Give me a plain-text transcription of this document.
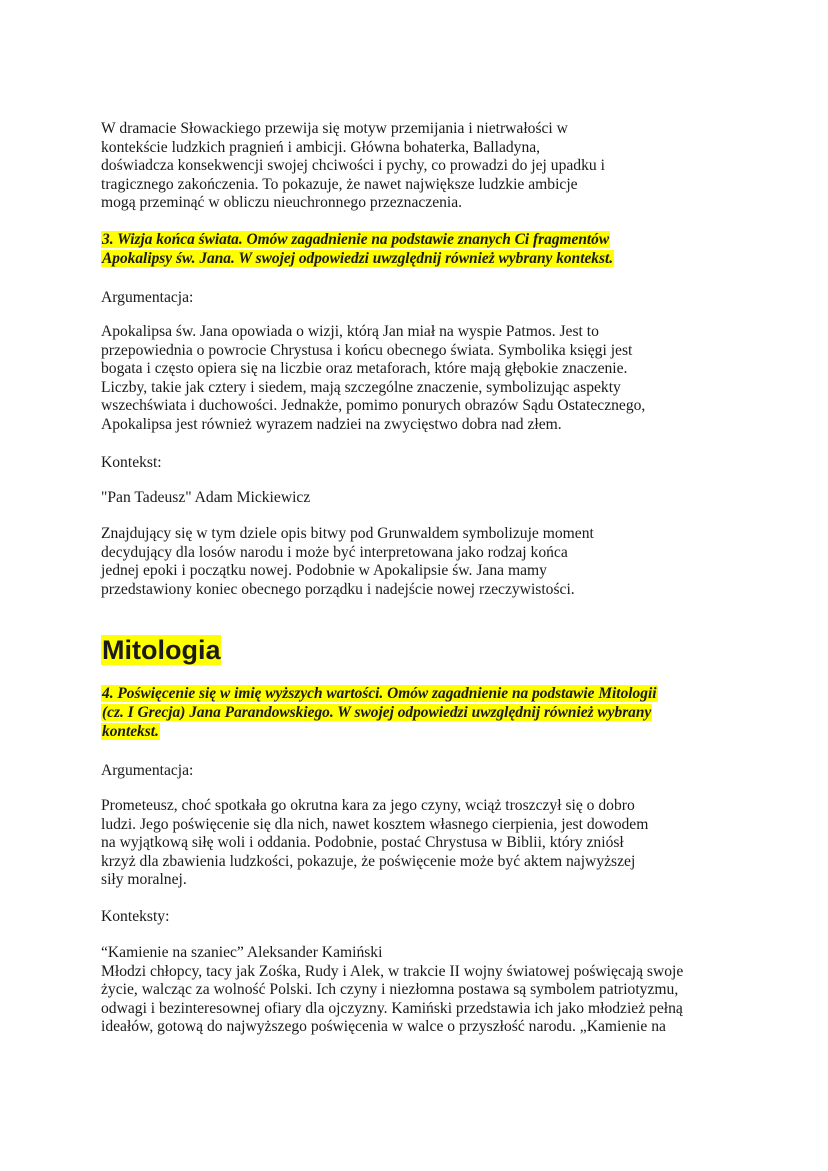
W dramacie Słowackiego przewija się motyw przemijania i nietrwałości w
kontekście ludzkich pragnień i ambicji. Główna bohaterka, Balladyna,
doświadcza konsekwencji swojej chciwości i pychy, co prowadzi do jej upadku i
tragicznego zakończenia. To pokazuje, że nawet największe ludzkie ambicje
mogą przeminąć w obliczu nieuchronnego przeznaczenia.
3. Wizja końca świata. Omów zagadnienie na podstawie znanych Ci fragmentów
Apokalipsy św. Jana. W swojej odpowiedzi uwzględnij również wybrany kontekst.

Argumentacja:

Apokalipsa św. Jana opowiada o wizji, którą Jan miał na wyspie Patmos. Jest to
przepowiednia o powrocie Chrystusa i końcu obecnego świata. Symbolika księgi jest
bogata i często opiera się na liczbie oraz metaforach, które mają głębokie znaczenie.
Liczby, takie jak cztery i siedem, mają szczególne znaczenie, symbolizując aspekty
wszechświata i duchowości. Jednakże, pomimo ponurych obrazów Sądu Ostatecznego,
Apokalipsa jest również wyrazem nadziei na zwycięstwo dobra nad złem.

Kontekst:

"Pan Tadeusz" Adam Mickiewicz

Znajdujący się w tym dziele opis bitwy pod Grunwaldem symbolizuje moment
decydujący dla losów narodu i może być interpretowana jako rodzaj końca
jednej epoki i początku nowej. Podobnie w Apokalipsie św. Jana mamy
przedstawiony koniec obecnego porządku i nadejście nowej rzeczywistości.
Mitologia
4. Poświęcenie się w imię wyższych wartości. Omów zagadnienie na podstawie Mitologii
(cz. I Grecja) Jana Parandowskiego. W swojej odpowiedzi uwzględnij również wybrany
kontekst.

Argumentacja:

Prometeusz, choć spotkała go okrutna kara za jego czyny, wciąż troszczył się o dobro
ludzi. Jego poświęcenie się dla nich, nawet kosztem własnego cierpienia, jest dowodem
na wyjątkową siłę woli i oddania. Podobnie, postać Chrystusa w Biblii, który zniósł
krzyż dla zbawienia ludzkości, pokazuje, że poświęcenie może być aktem najwyższej
siły moralnej.

Konteksty:

“Kamienie na szaniec” Aleksander Kamiński
Młodzi chłopcy, tacy jak Zośka, Rudy i Alek, w trakcie II wojny światowej poświęcają swoje
życie, walcząc za wolność Polski. Ich czyny i niezłomna postawa są symbolem patriotyzmu,
odwagi i bezinteresownej ofiary dla ojczyzny. Kamiński przedstawia ich jako młodzież pełną
ideałów, gotową do najwyższego poświęcenia w walce o przyszłość narodu. „Kamienie na
